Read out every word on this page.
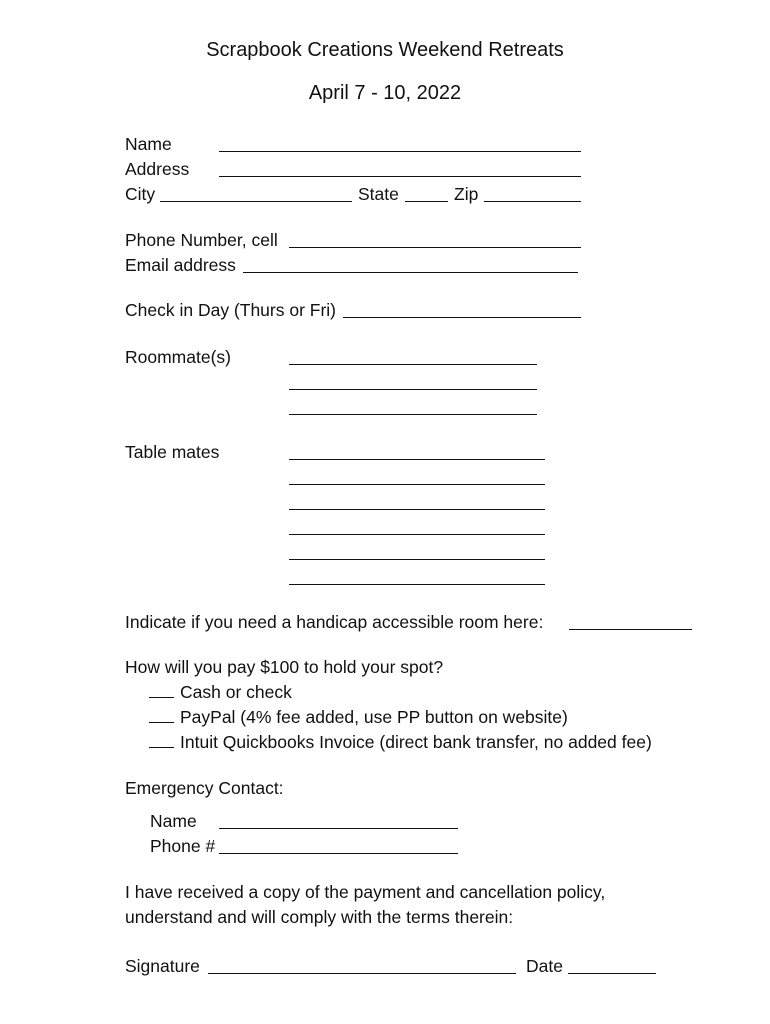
Scrapbook Creations Weekend Retreats
April 7 - 10, 2022
Name
Address
City	State	Zip
Phone Number, cell
Email address
Check in Day (Thurs or Fri)
Roommate(s)
Table mates
Indicate if you need a handicap accessible room here:
How will you pay $100 to hold your spot?
Cash or check
PayPal (4% fee added, use PP button on website)
Intuit Quickbooks Invoice (direct bank transfer, no added fee)
Emergency Contact:
Name
Phone #
I have received a copy of the payment and cancellation policy,
understand and will comply with the terms therein:
Signature	Date
